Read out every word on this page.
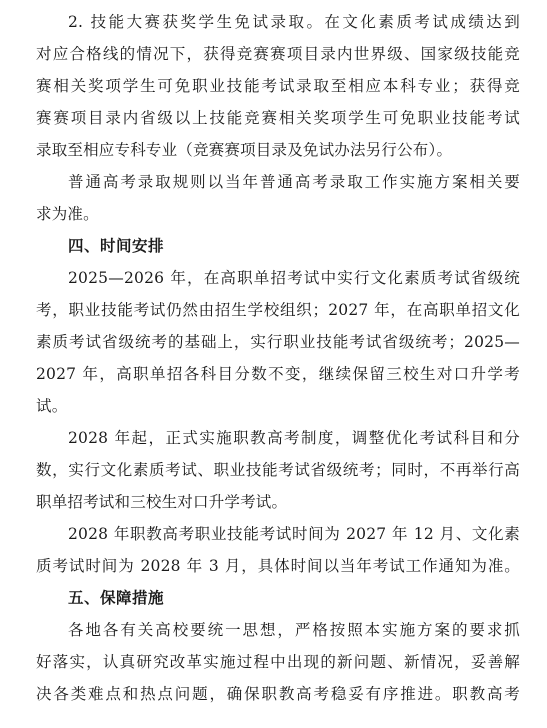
2. 技能大赛获奖学生免试录取。在文化素质考试成绩达到
对应合格线的情况下，获得竞赛赛项目录内世界级、国家级技能竞
赛相关奖项学生可免职业技能考试录取至相应本科专业；获得竞
赛赛项目录内省级以上技能竞赛相关奖项学生可免职业技能考试
录取至相应专科专业（竞赛赛项目录及免试办法另行公布）。
普通高考录取规则以当年普通高考录取工作实施方案相关要
求为准。
四、时间安排
2025—2026 年，在高职单招考试中实行文化素质考试省级统
考，职业技能考试仍然由招生学校组织；2027 年，在高职单招文化
素质考试省级统考的基础上，实行职业技能考试省级统考；2025—
2027 年，高职单招各科目分数不变，继续保留三校生对口升学考
试。
2028 年起，正式实施职教高考制度，调整优化考试科目和分
数，实行文化素质考试、职业技能考试省级统考；同时，不再举行高
职单招考试和三校生对口升学考试。
2028 年职教高考职业技能考试时间为 2027 年 12 月、文化素
质考试时间为 2028 年 3 月，具体时间以当年考试工作通知为准。
五、保障措施
各地各有关高校要统一思想，严格按照本实施方案的要求抓
好落实，认真研究改革实施过程中出现的新问题、新情况，妥善解
决各类难点和热点问题，确保职教高考稳妥有序推进。职教高考
